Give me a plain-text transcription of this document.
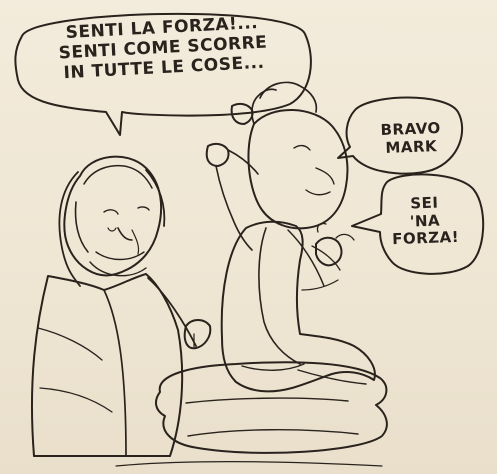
SENTI LA FORZA!...
SENTI COME SCORRE
IN TUTTE LE COSE...

BRAVO
MARK

SEI
'NA
FORZA!
